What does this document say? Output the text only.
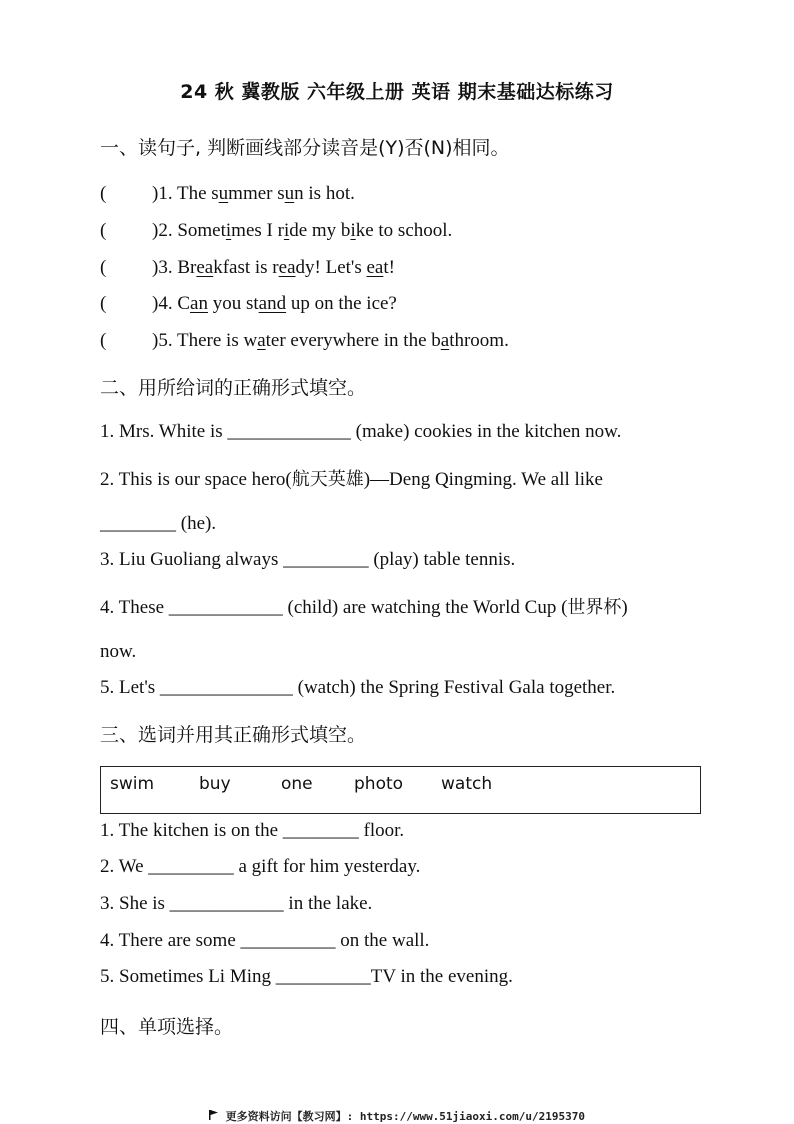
24 秋 冀教版 六年级上册 英语 期末基础达标练习
一、读句子, 判断画线部分读音是(Y)否(N)相同。
( )1. The summer sun is hot.
( )2. Sometimes I ride my bike to school.
( )3. Breakfast is ready! Let's eat!
( )4. Can you stand up on the ice?
( )5. There is water everywhere in the bathroom.
二、用所给词的正确形式填空。
1. Mrs. White is _____________ (make) cookies in the kitchen now.
2. This is our space hero(航天英雄)—Deng Qingming. We all like
________ (he).
3. Liu Guoliang always _________ (play) table tennis.
4. These ____________ (child) are watching the World Cup (世界杯)
now.
5. Let's ______________ (watch) the Spring Festival Gala together.
三、选词并用其正确形式填空。
swim	buy	one photo watch
1. The kitchen is on the ________ floor.
2. We _________ a gift for him yesterday.
3. She is ____________ in the lake.
4. There are some __________ on the wall.
5. Sometimes Li Ming __________TV in the evening.
四、单项选择。
更多资料访问【教习网】: https://www.51jiaoxi.com/u/2195370
